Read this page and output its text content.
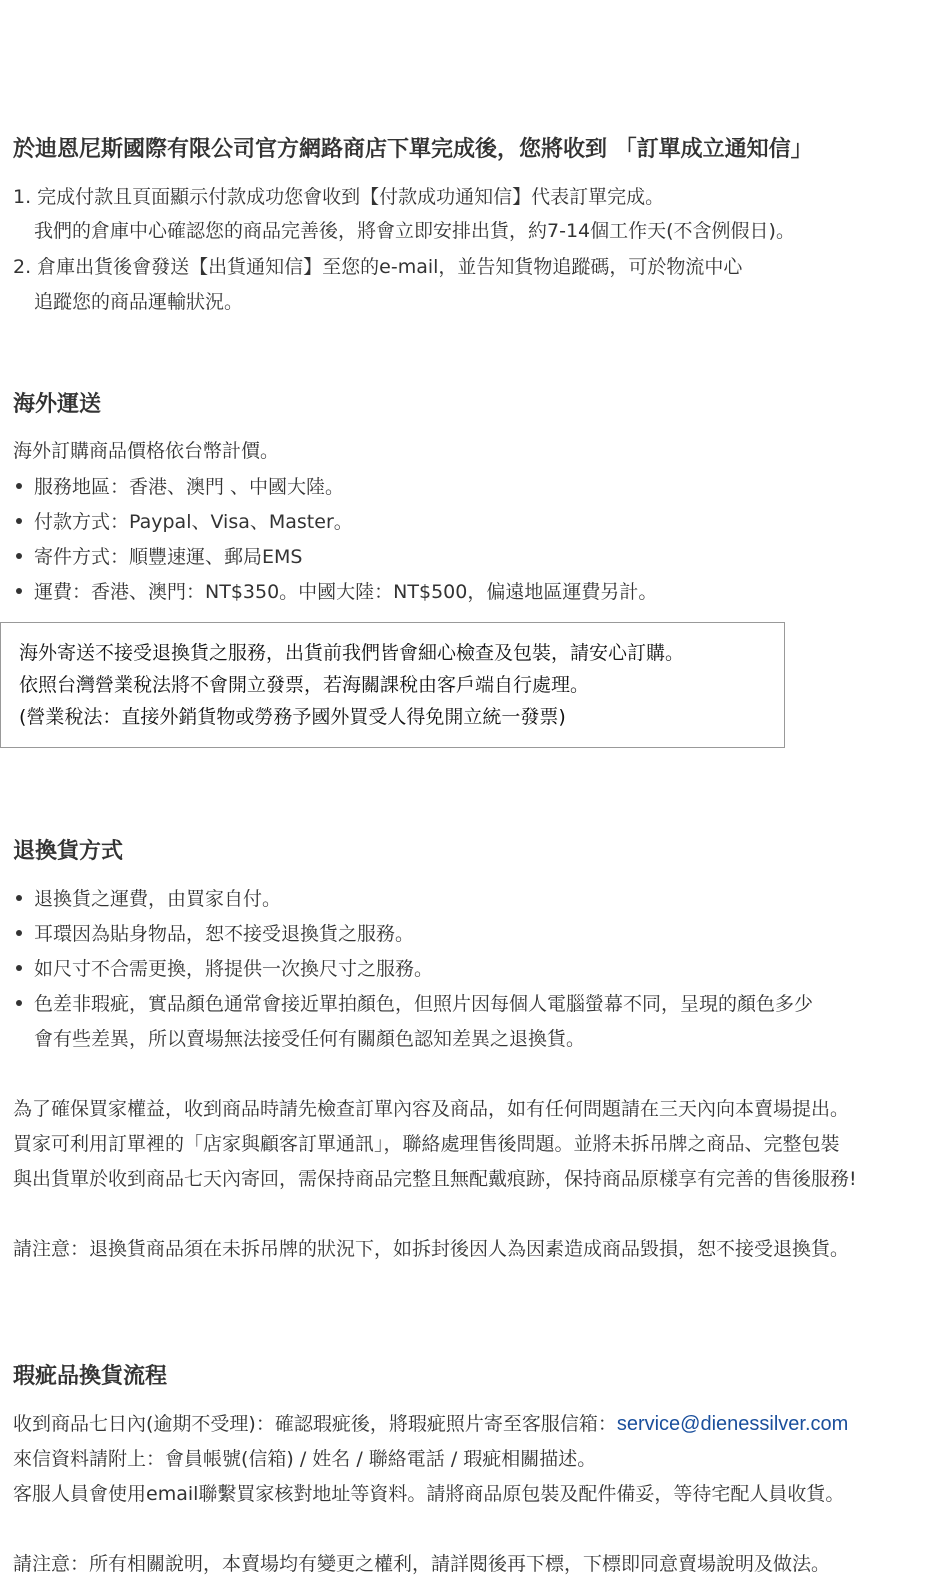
於迪恩尼斯國際有限公司官方網路商店下單完成後，您將收到 「訂單成立通知信」
1. 完成付款且頁面顯示付款成功您會收到【付款成功通知信】代表訂單完成。
我們的倉庫中心確認您的商品完善後，將會立即安排出貨，約7-14個工作天(不含例假日)。
2. 倉庫出貨後會發送【出貨通知信】至您的e-mail，並告知貨物追蹤碼，可於物流中心
追蹤您的商品運輸狀況。
海外運送
海外訂購商品價格依台幣計價。
服務地區：香港、澳門 、中國大陸。
付款方式：Paypal、Visa、Master。
寄件方式：順豐速運、郵局EMS
運費：香港、澳門：NT$350。中國大陸：NT$500，偏遠地區運費另計。
海外寄送不接受退換貨之服務，出貨前我們皆會細心檢查及包裝，請安心訂購。
依照台灣營業稅法將不會開立發票，若海關課稅由客戶端自行處理。
(營業稅法：直接外銷貨物或勞務予國外買受人得免開立統一發票)
退換貨方式
退換貨之運費，由買家自付。
耳環因為貼身物品，恕不接受退換貨之服務。
如尺寸不合需更換，將提供一次換尺寸之服務。
色差非瑕疵，實品顏色通常會接近單拍顏色，但照片因每個人電腦螢幕不同，呈現的顏色多少
會有些差異，所以賣場無法接受任何有關顏色認知差異之退換貨。
為了確保買家權益，收到商品時請先檢查訂單內容及商品，如有任何問題請在三天內向本賣場提出。
買家可利用訂單裡的「店家與顧客訂單通訊」，聯絡處理售後問題。並將未拆吊牌之商品、完整包裝
與出貨單於收到商品七天內寄回，需保持商品完整且無配戴痕跡，保持商品原樣享有完善的售後服務!
請注意：退換貨商品須在未拆吊牌的狀況下，如拆封後因人為因素造成商品毀損，恕不接受退換貨。
瑕疵品換貨流程
收到商品七日內(逾期不受理)：確認瑕疵後，將瑕疵照片寄至客服信箱：service@dienessilver.com
來信資料請附上：會員帳號(信箱) / 姓名 / 聯絡電話 / 瑕疵相關描述。
客服人員會使用email聯繫買家核對地址等資料。請將商品原包裝及配件備妥，等待宅配人員收貨。
請注意：所有相關說明，本賣場均有變更之權利，請詳閱後再下標，下標即同意賣場說明及做法。
